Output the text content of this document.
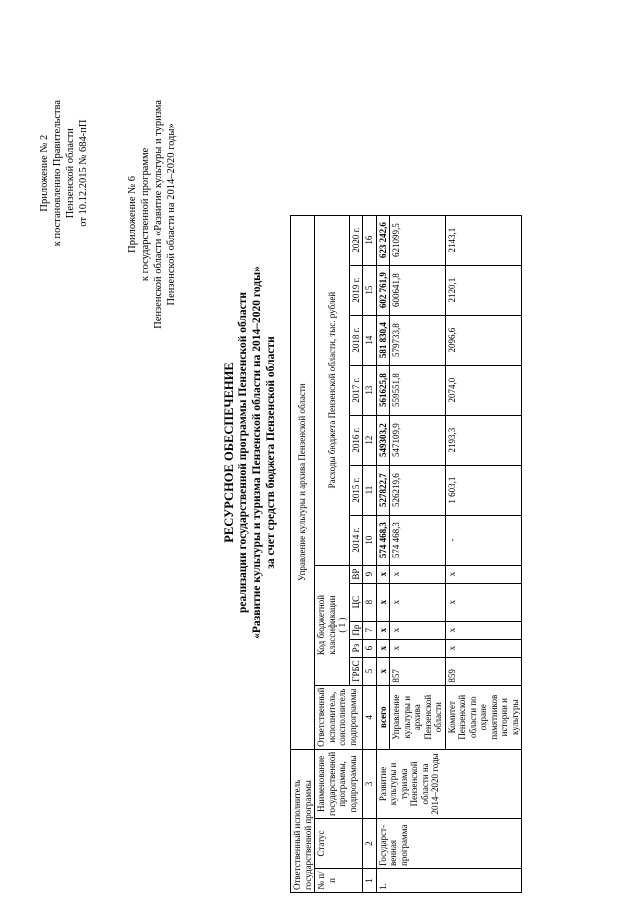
Приложение № 2 к постановлению Правительства Пензенской области от 10.12.2015 № 684-пП	Приложение № 6 к государственной программе Пензенской области «Развитие культуры и туризма Пензенской области на 2014–2020 годы»
РЕСУРСНОЕ ОБЕСПЕЧЕНИЕ реализации государственной программы Пензенской области «Развитие культуры и туризма Пензенской области на 2014–2020 годы» за счет средств бюджета Пензенской области
Ответственный исполнитель государственной программы			Управление культуры и архива Пензенской области												
№ п/п	Статус	Наименование государственной программы, подпрограммы	Ответственный исполнитель, соисполнитель подпрограммы	Код бюджетной классификации
( 1 )					Расходы бюджета Пензенской области, тыс. рублей						
				ГРБС	Рз	Пр	ЦС	ВР	2014 г.	2015 г.	2016 г.	2017 г.	2018 г.	2019 г.	2020 г.
1	2	3	4	5	6	7	8	9	10	11	12	13	14	15	16
1.	Государст-венная программа	Развитие культуры и туризма Пензенской области на 2014–2020 годы	всего	х	х	х	х	х	574 468,3	527822,7	549303,2	561625,8	581 830,4	602 761,9	623 242,6
			Управление культуры и архива Пензенской области	857	х	х	х	х	574 468,3	526219,6	547109,9	559551,8	579733,8	600641,8	621099,5
			Комитет Пензенской области по охране памятников истории и культуры	859	х	х	х	х	-	1 603,1	2193,3	2074,0	2096,6	2120,1	2143,1
